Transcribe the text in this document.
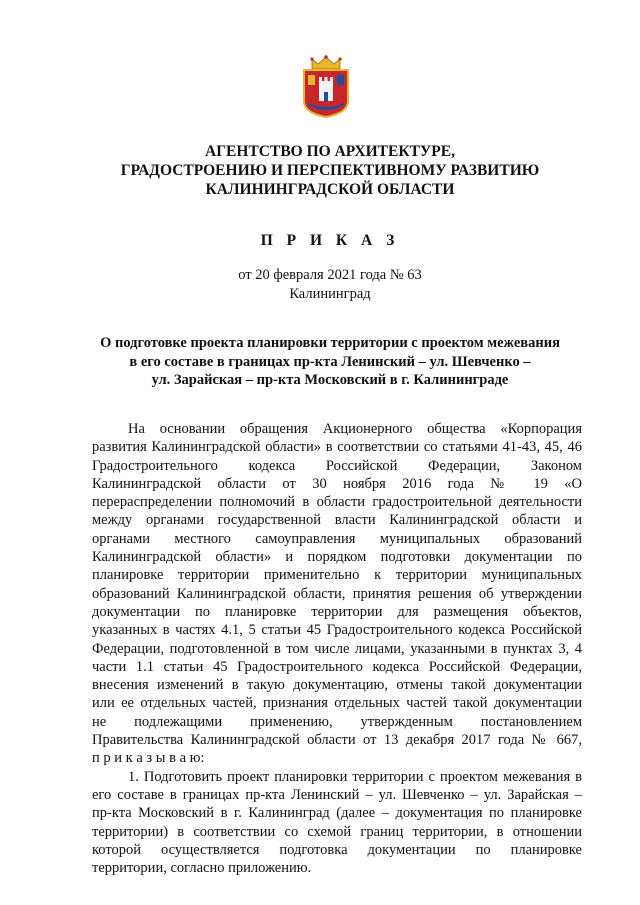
АГЕНТСТВО ПО АРХИТЕКТУРЕ,
ГРАДОСТРОЕНИЮ И ПЕРСПЕКТИВНОМУ РАЗВИТИЮ
КАЛИНИНГРАДСКОЙ ОБЛАСТИ
П Р И К А З
от 20 февраля 2021 года № 63
Калининград
О подготовке проекта планировки территории с проектом межевания
в его составе в границах пр-кта Ленинский – ул. Шевченко –
ул. Зарайская – пр-кта Московский в г. Калининграде
На основании обращения Акционерного общества «Корпорация
развития Калининградской области» в соответствии со статьями 41-43, 45, 46
Градостроительного кодекса Российской Федерации, Законом
Калининградской области от 30 ноября 2016 года № 19 «О
перераспределении полномочий в области градостроительной деятельности
между органами государственной власти Калининградской области и
органами местного самоуправления муниципальных образований
Калининградской области» и порядком подготовки документации по
планировке территории применительно к территории муниципальных
образований Калининградской области, принятия решения об утверждении
документации по планировке территории для размещения объектов,
указанных в частях 4.1, 5 статьи 45 Градостроительного кодекса Российской
Федерации, подготовленной в том числе лицами, указанными в пунктах 3, 4
части 1.1 статьи 45 Градостроительного кодекса Российской Федерации,
внесения изменений в такую документацию, отмены такой документации
или ее отдельных частей, признания отдельных частей такой документации
не подлежащими применению, утвержденным постановлением
Правительства Калининградской области от 13 декабря 2017 года № 667,
п р и к а з ы в а ю:
1. Подготовить проект планировки территории с проектом межевания в
его составе в границах пр-кта Ленинский – ул. Шевченко – ул. Зарайская –
пр-кта Московский в г. Калининград (далее – документация по планировке
территории) в соответствии со схемой границ территории, в отношении
которой осуществляется подготовка документации по планировке
территории, согласно приложению.
